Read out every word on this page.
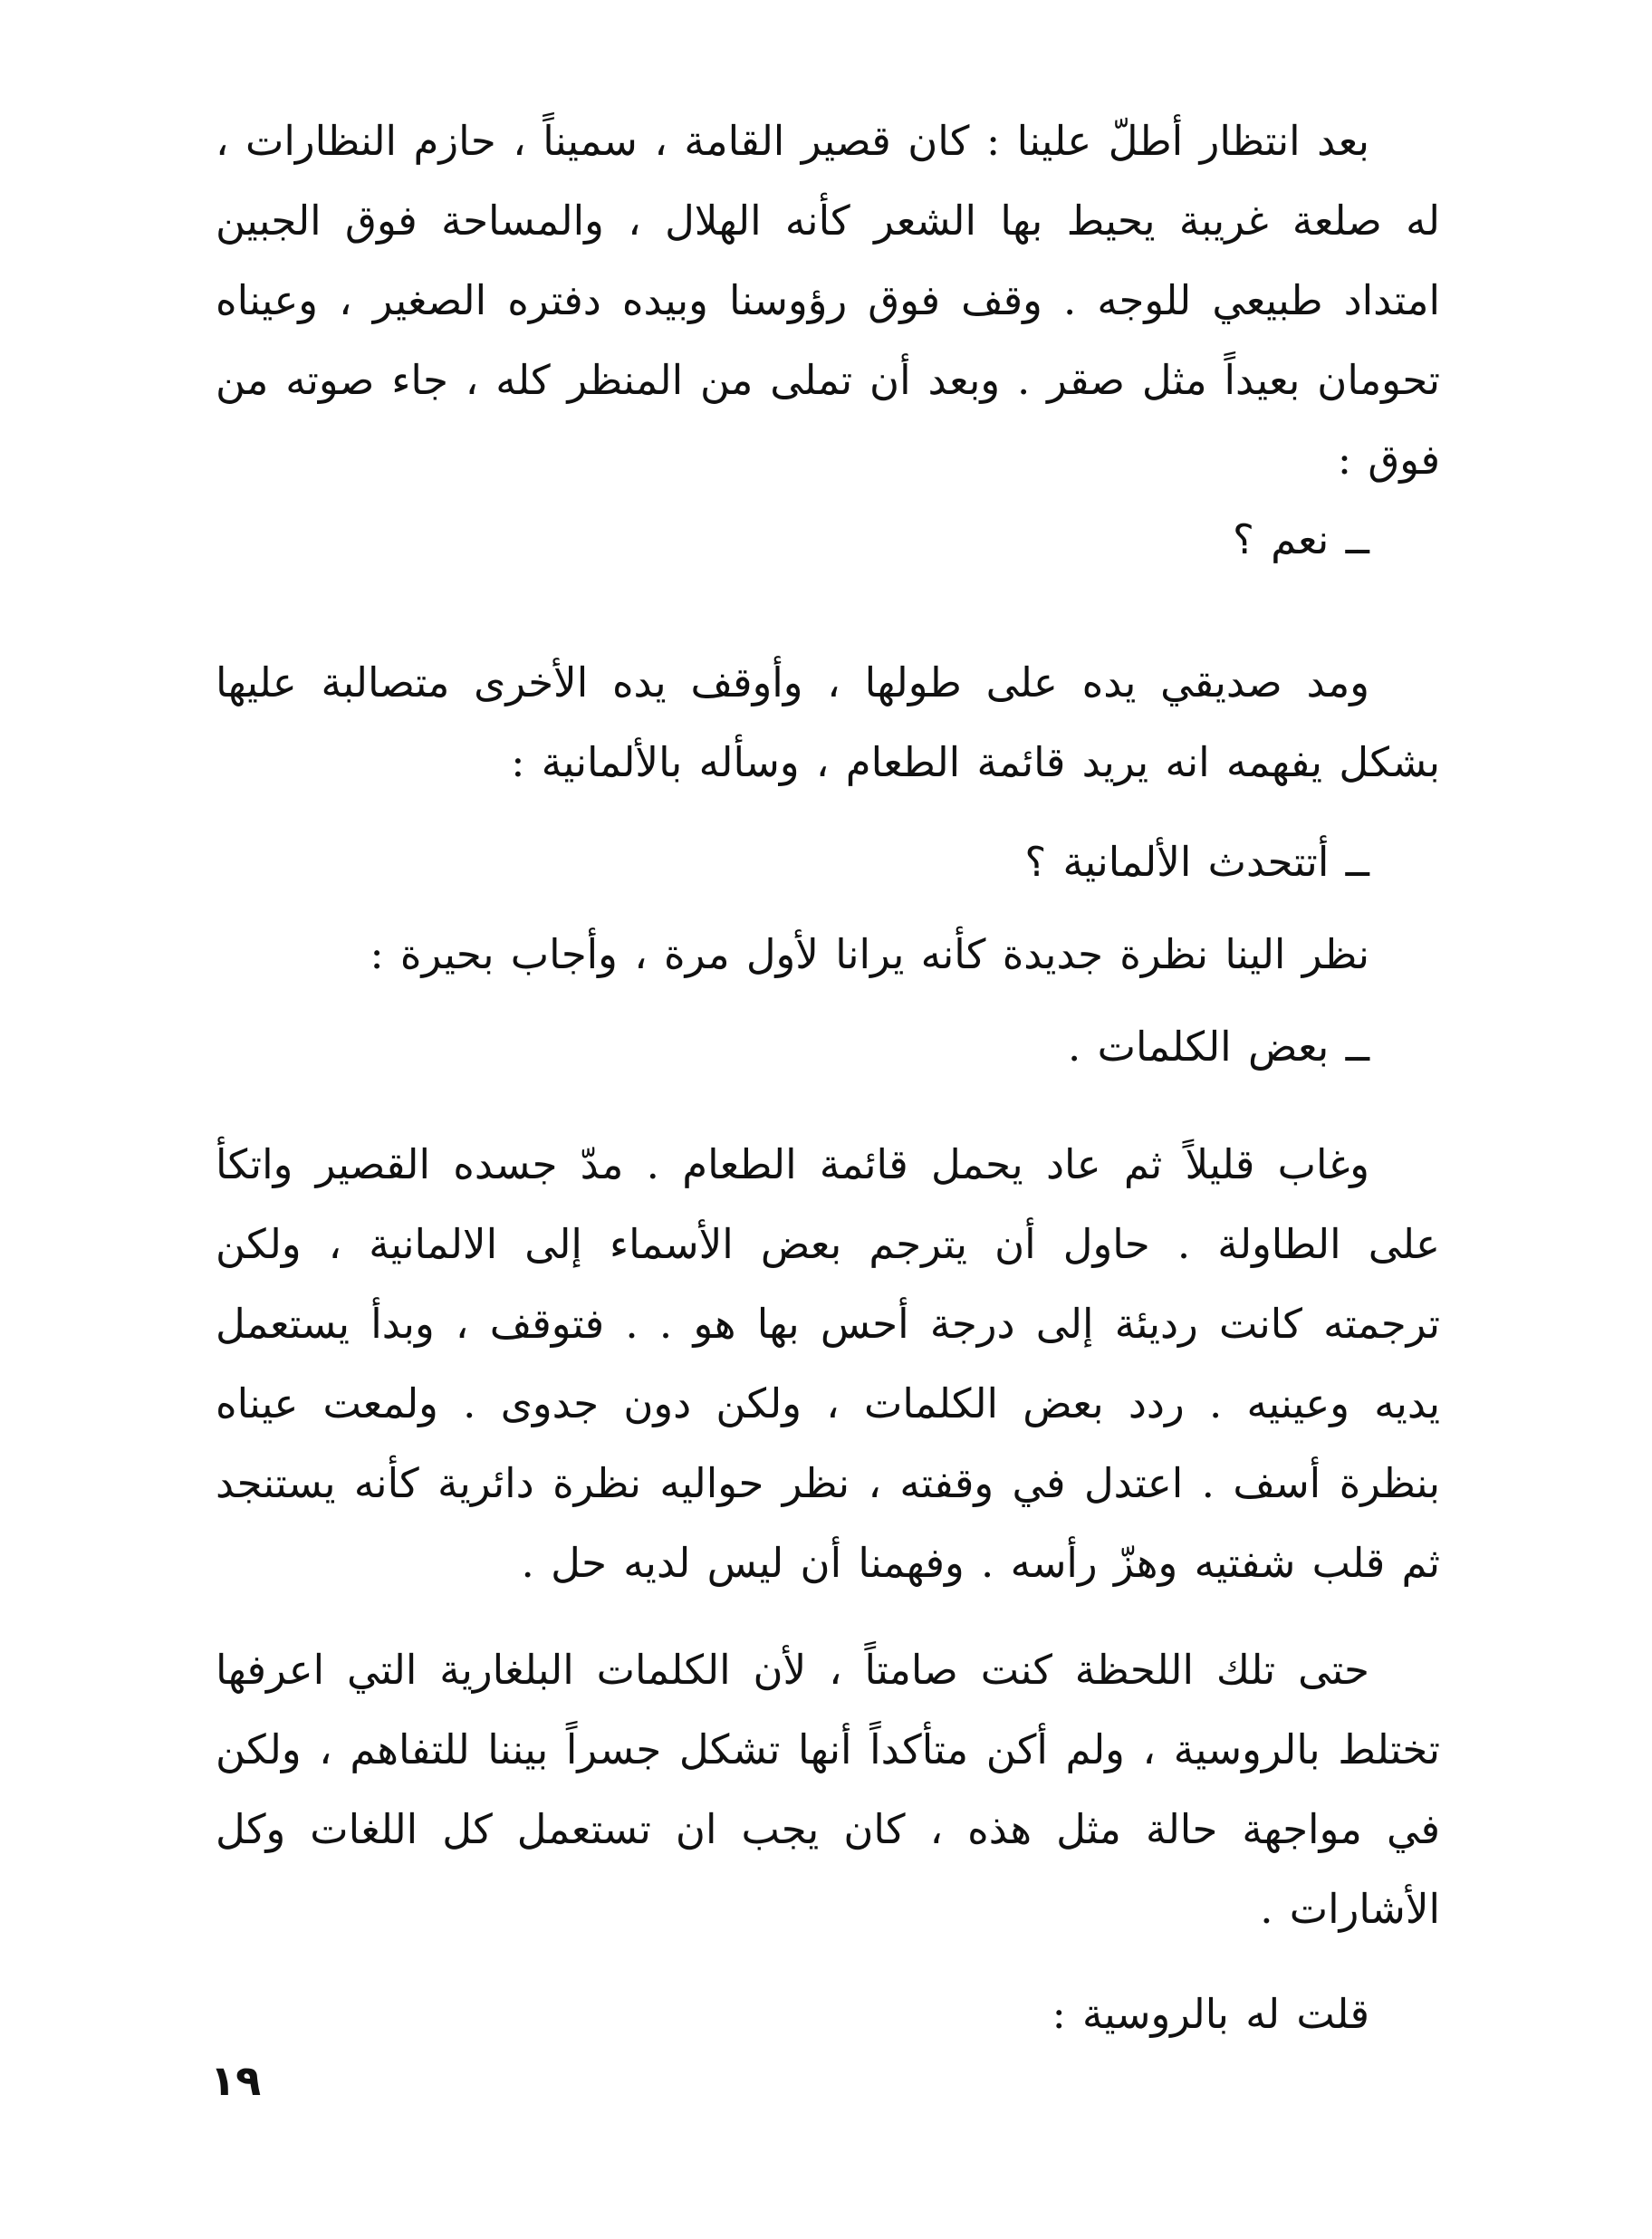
بعد انتظار أطلّ علينا : كان قصير القامة ، سميناً ، حازم النظارات ، له صلعة غريبة يحيط بها الشعر كأنه الهلال ، والمساحة فوق الجبين امتداد طبيعي للوجه . وقف فوق رؤوسنا وبيده دفتره الصغير ، وعيناه تحومان بعيداً مثل صقر . وبعد أن تملى من المنظر كله ، جاء صوته من فوق :

ــ نعم ؟

ومد صديقي يده على طولها ، وأوقف يده الأخرى متصالبة عليها بشكل يفهمه انه يريد قائمة الطعام ، وسأله بالألمانية :

ــ أتتحدث الألمانية ؟

نظر الينا نظرة جديدة كأنه يرانا لأول مرة ، وأجاب بحيرة :

ــ بعض الكلمات .

وغاب قليلاً ثم عاد يحمل قائمة الطعام . مدّ جسده القصير واتكأ على الطاولة . حاول أن يترجم بعض الأسماء إلى الالمانية ، ولكن ترجمته كانت رديئة إلى درجة أحس بها هو . . فتوقف ، وبدأ يستعمل يديه وعينيه . ردد بعض الكلمات ، ولكن دون جدوى . ولمعت عيناه بنظرة أسف . اعتدل في وقفته ، نظر حواليه نظرة دائرية كأنه يستنجد ثم قلب شفتيه وهزّ رأسه . وفهمنا أن ليس لديه حل .

حتى تلك اللحظة كنت صامتاً ، لأن الكلمات البلغارية التي اعرفها تختلط بالروسية ، ولم أكن متأكداً أنها تشكل جسراً بيننا للتفاهم ، ولكن في مواجهة حالة مثل هذه ، كان يجب ان تستعمل كل اللغات وكل الأشارات .

قلت له بالروسية :

١٩
